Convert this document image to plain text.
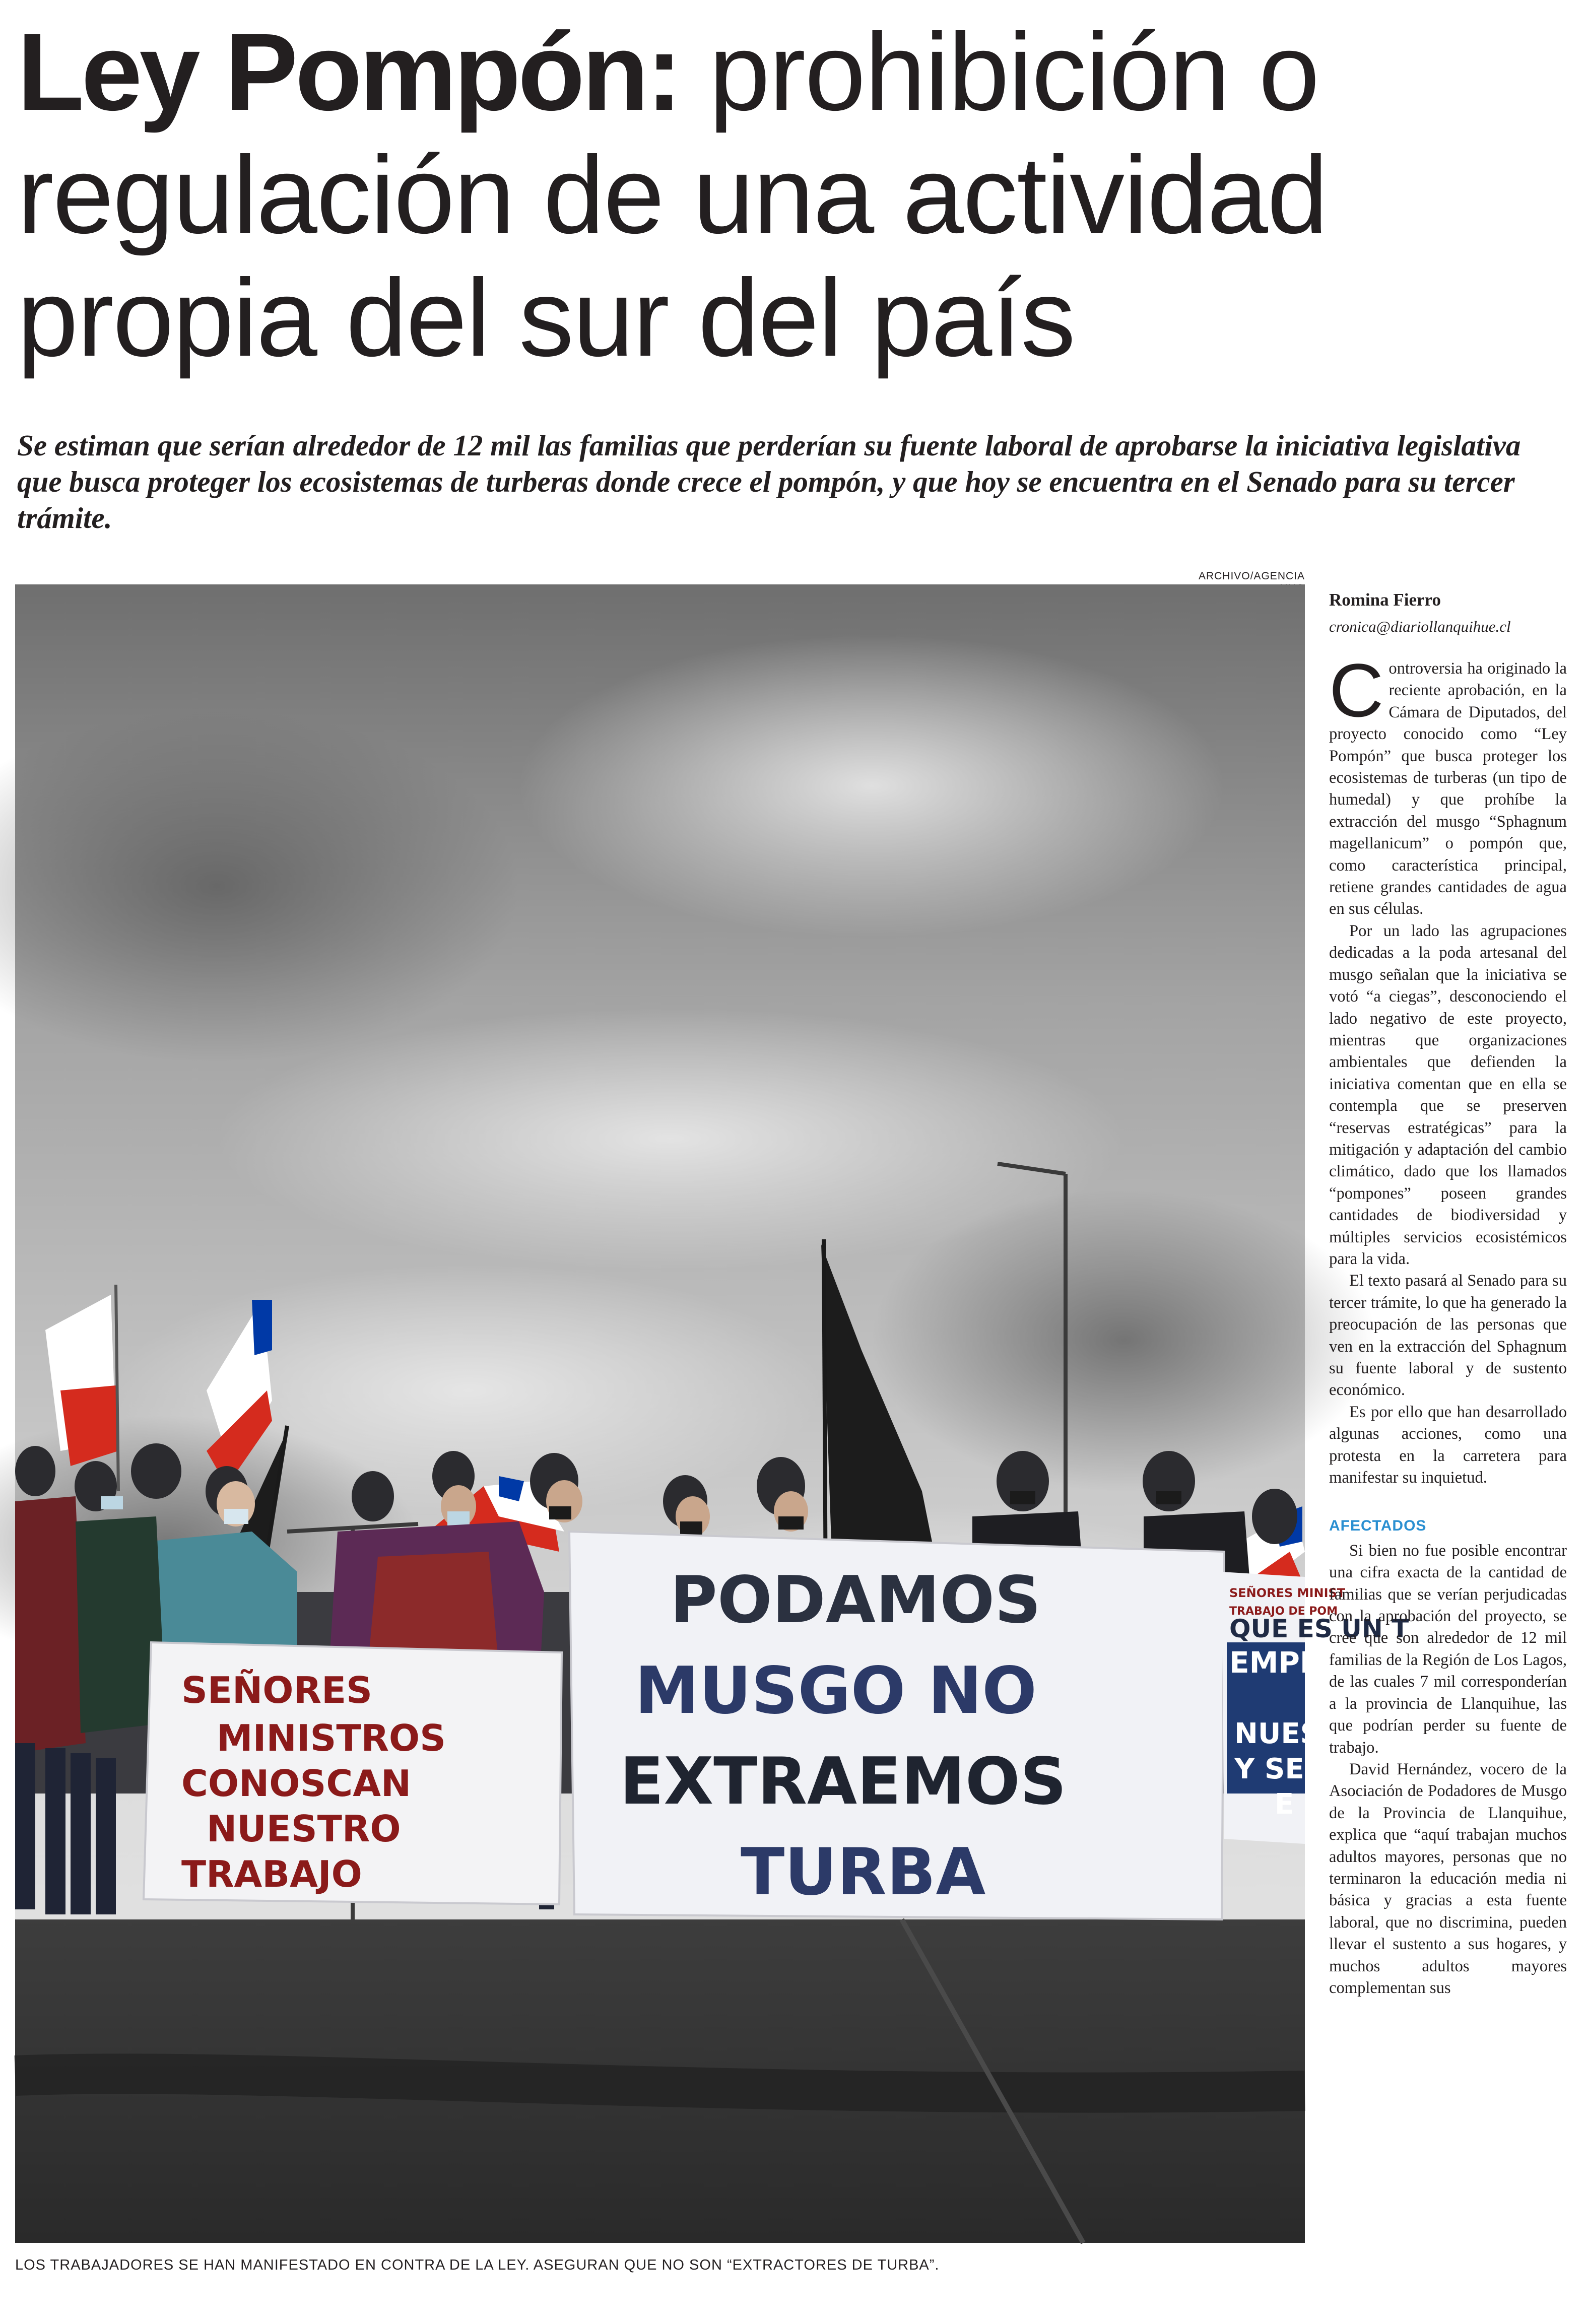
Ley Pompón: prohibición o regulación de una actividad propia del sur del país

Se estiman que serían alrededor de 12 mil las familias que perderían su fuente laboral de aprobarse la iniciativa legislativa que busca proteger los ecosistemas de turberas donde crece el pompón, y que hoy se encuentra en el Senado para su tercer trámite.

ARCHIVO/AGENCIA
SEÑORES
MINISTROS
CONOSCAN
NUESTRO
TRABAJO
PODAMOS
MUSGO NO
EXTRAEMOS
TURBA
SEÑORES MINIST
TRABAJO DE POM
QUE ES UN T
EMPRESA
NUEST
Y SE
E
LOS TRABAJADORES SE HAN MANIFESTADO EN CONTRA DE LA LEY. ASEGURAN QUE NO SON “EXTRACTORES DE TURBA”.
Romina Fierro
cronica@diariollanquihue.cl

Controversia ha originado la reciente aprobación, en la Cámara de Diputados, del proyecto conocido como “Ley Pompón” que busca proteger los ecosistemas de turberas (un tipo de humedal) y que prohíbe la extracción del musgo “Sphagnum magellanicum” o pompón que, como característica principal, retiene grandes cantidades de agua en sus células.

Por un lado las agrupaciones dedicadas a la poda artesanal del musgo señalan que la iniciativa se votó “a ciegas”, desconociendo el lado negativo de este proyecto, mientras que organizaciones ambientales que defienden la iniciativa comentan que en ella se contempla que se preserven “reservas estratégicas” para la mitigación y adaptación del cambio climático, dado que los llamados “pompones” poseen grandes cantidades de biodiversidad y múltiples servicios ecosistémicos para la vida.

El texto pasará al Senado para su tercer trámite, lo que ha generado la preocupación de las personas que ven en la extracción del Sphagnum su fuente laboral y de sustento económico.

Es por ello que han desarrollado algunas acciones, como una protesta en la carretera para manifestar su inquietud.

AFECTADOS

Si bien no fue posible encontrar una cifra exacta de la cantidad de familias que se verían perjudicadas con la aprobación del proyecto, se cree que son alrededor de 12 mil familias de la Región de Los Lagos, de las cuales 7 mil corresponderían a la provincia de Llanquihue, las que podrían perder su fuente de trabajo.

David Hernández, vocero de la Asociación de Podadores de Musgo de la Provincia de Llanquihue, explica que “aquí trabajan muchos adultos mayores, personas que no terminaron la educación media ni básica y gracias a esta fuente laboral, que no discrimina, pueden llevar el sustento a sus hogares, y muchos adultos mayores complementan sus
